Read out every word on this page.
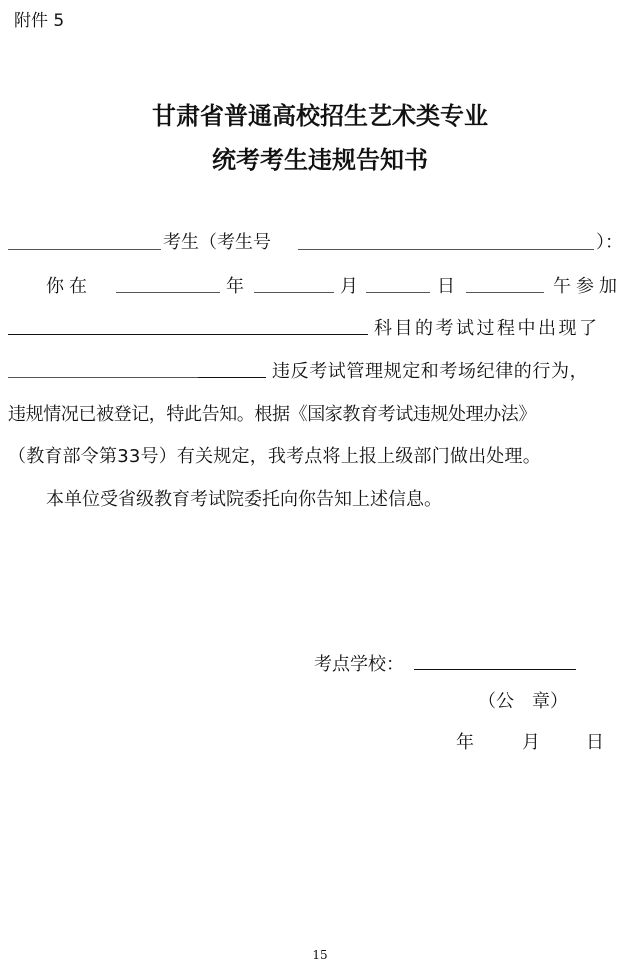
附件 5
甘肃省普通高校招生艺术类专业
统考考生违规告知书
考生（考生号	）：
你在	年	月	日	午参加
科目的考试过程中出现了
违反考试管理规定和考场纪律的行为，
违规情况已被登记，特此告知。根据《国家教育考试违规处理办法》
（教育部令第33号）有关规定，我考点将上报上级部门做出处理。
本单位受省级教育考试院委托向你告知上述信息。
考点学校：
（公　章）
年	月	日
15
